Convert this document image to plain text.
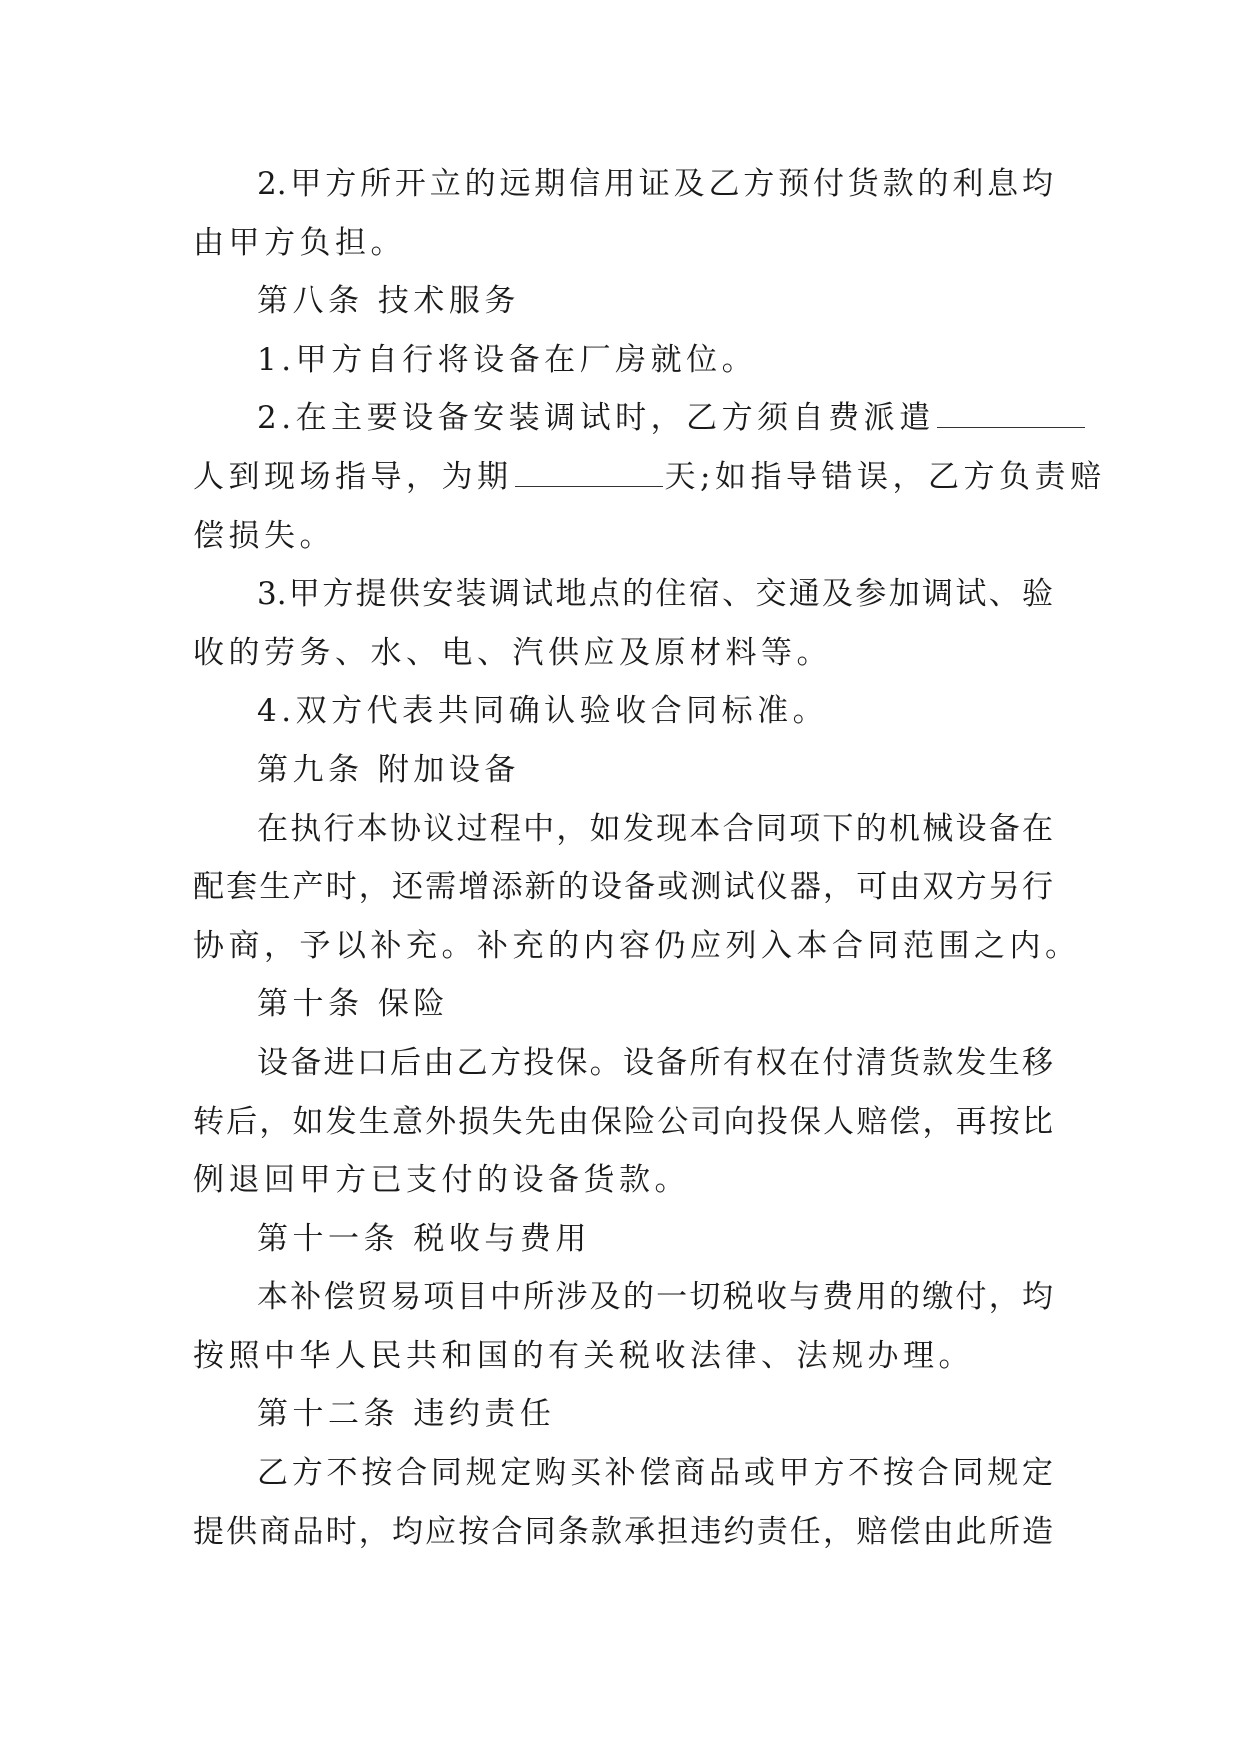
2.甲方所开立的远期信用证及乙方预付货款的利息均
由甲方负担。
第八条 技术服务
1.甲方自行将设备在厂房就位。
2.在主要设备安装调试时，乙方须自费派遣
人到现场指导，为期	天;如指导错误，乙方负责赔
偿损失。
3.甲方提供安装调试地点的住宿、交通及参加调试、验
收的劳务、水、电、汽供应及原材料等。
4.双方代表共同确认验收合同标准。
第九条 附加设备
在执行本协议过程中，如发现本合同项下的机械设备在
配套生产时，还需增添新的设备或测试仪器，可由双方另行
协商，予以补充。补充的内容仍应列入本合同范围之内。
第十条 保险
设备进口后由乙方投保。设备所有权在付清货款发生移
转后，如发生意外损失先由保险公司向投保人赔偿，再按比
例退回甲方已支付的设备货款。
第十一条 税收与费用
本补偿贸易项目中所涉及的一切税收与费用的缴付，均
按照中华人民共和国的有关税收法律、法规办理。
第十二条 违约责任
乙方不按合同规定购买补偿商品或甲方不按合同规定
提供商品时，均应按合同条款承担违约责任，赔偿由此所造
